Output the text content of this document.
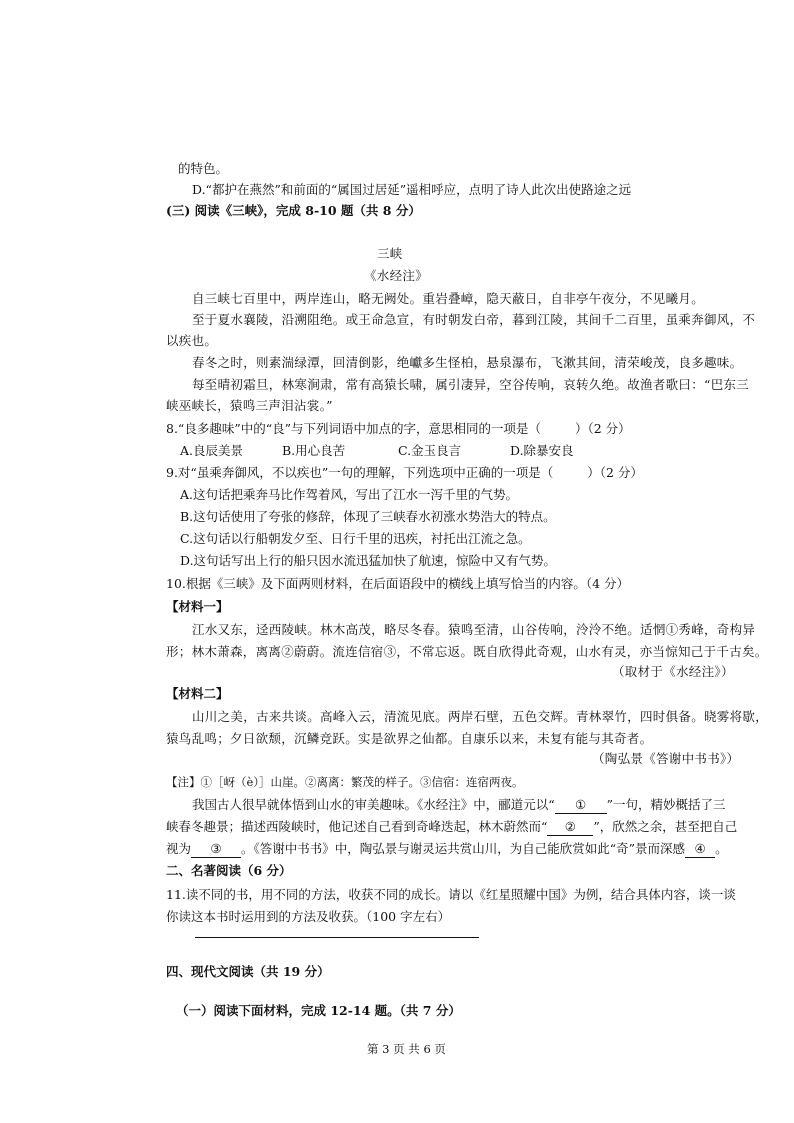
的特色。
D.“都护在燕然”和前面的“属国过居延”遥相呼应，点明了诗人此次出使路途之远
(三) 阅读《三峡》，完成 8-10 题（共 8 分）
三峡
《水经注》
自三峡七百里中，两岸连山，略无阙处。重岩叠嶂，隐天蔽日，自非亭午夜分，不见曦月。
至于夏水襄陵，沿溯阻绝。或王命急宣，有时朝发白帝，暮到江陵，其间千二百里，虽乘奔御风，不
以疾也。
春冬之时，则素湍绿潭，回清倒影，绝巘多生怪柏，悬泉瀑布，飞漱其间，清荣峻茂，良多趣味。
每至晴初霜旦，林寒涧肃，常有高猿长啸，属引凄异，空谷传响，哀转久绝。故渔者歌曰：“巴东三
峡巫峡长，猿鸣三声泪沾裳。”
8.“良多趣味”中的“良”与下列词语中加点的字，意思相同的一项是（	）（2 分）
A.良辰美景	B.用心良苦	C.金玉良言	D.除暴安良
9.对“虽乘奔御风，不以疾也”一句的理解，下列选项中正确的一项是（	）（2 分）
A.这句话把乘奔马比作驾着风，写出了江水一泻千里的气势。
B.这句话使用了夸张的修辞，体现了三峡春水初涨水势浩大的特点。
C.这句话以行船朝发夕至、日行千里的迅疾，衬托出江流之急。
D.这句话写出上行的船只因水流迅猛加快了航速，惊险中又有气势。
10.根据《三峡》及下面两则材料，在后面语段中的横线上填写恰当的内容。（4 分）
【材料一】
江水又东，迳西陵峡。林木高茂，略尽冬春。猿鸣至清，山谷传响，泠泠不绝。适惘①秀峰，奇构异
形；林木萧森，离离②蔚蔚。流连信宿③，不常忘返。既自欣得此奇观，山水有灵，亦当惊知己于千古矣。
（取材于《水经注》）
【材料二】
山川之美，古来共谈。高峰入云，清流见底。两岸石壁，五色交辉。青林翠竹，四时俱备。晓雾将歇，
猿鸟乱鸣；夕日欲颓，沉鳞竞跃。实是欲界之仙都。自康乐以来，未复有能与其奇者。
（陶弘景《答谢中书书》）
【注】①［岈（è）］山崖。②离离：繁茂的样子。③信宿：连宿两夜。
我国古人很早就体悟到山水的审美趣味。《水经注》中，郦道元以“ ① ”一句，精妙概括了三
峡春冬趣景；描述西陵峡时，他记述自己看到奇峰迭起，林木蔚然而“ ② ”，欣然之余，甚至把自己
视为 ③ 。《答谢中书书》中，陶弘景与谢灵运共赏山川，为自己能欣赏如此“奇”景而深感 ④ 。
二、名著阅读（6 分）
11.读不同的书，用不同的方法，收获不同的成长。请以《红星照耀中国》为例，结合具体内容，谈一谈
你读这本书时运用到的方法及收获。（100 字左右）
四、现代文阅读（共 19 分）
（一）阅读下面材料，完成 12-14 题。（共 7 分）
第 3 页 共 6 页
